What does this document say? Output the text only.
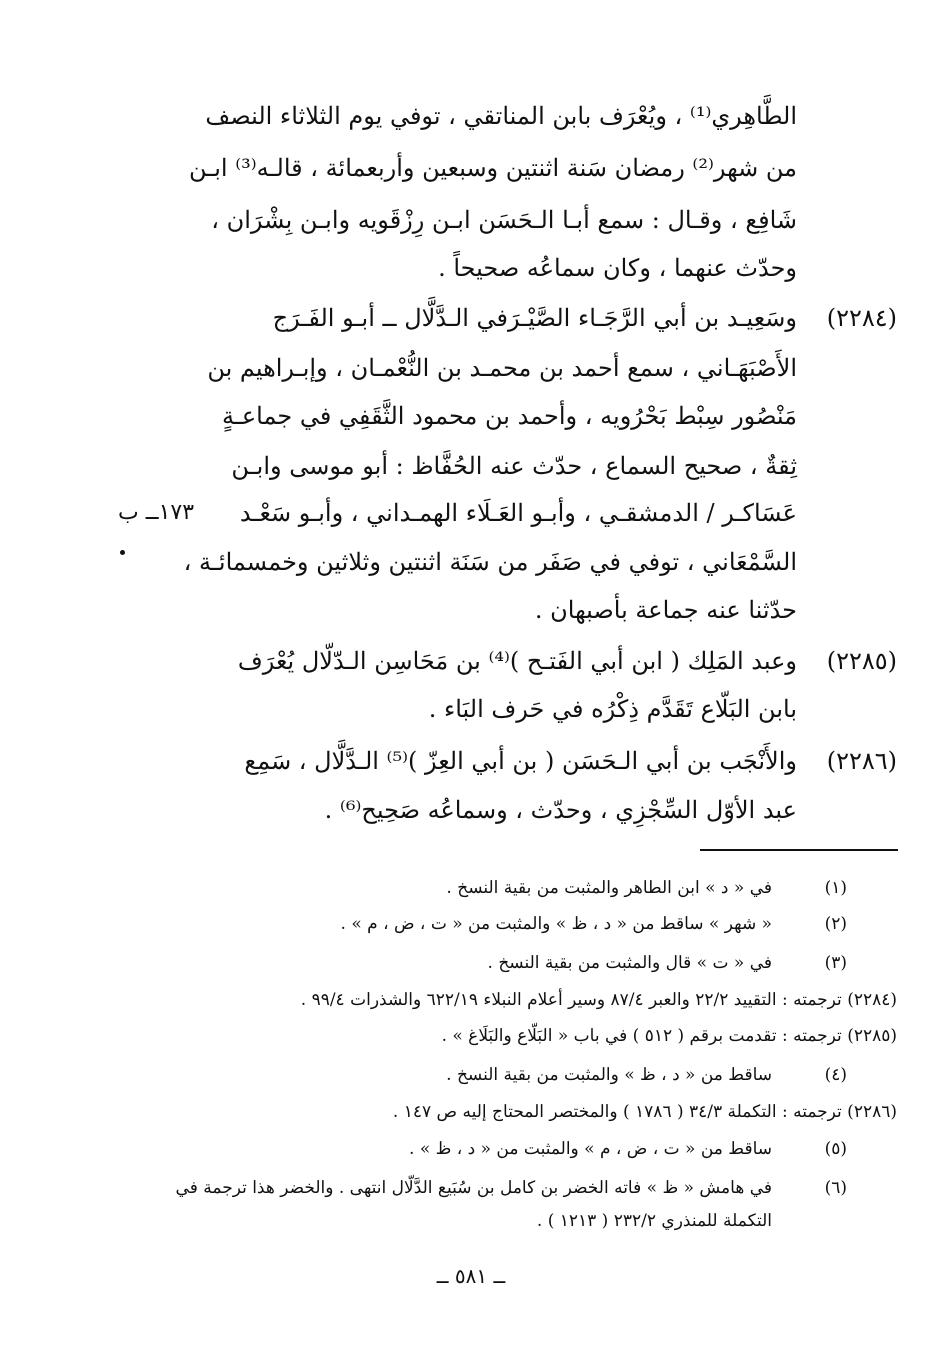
الطَّاهِري⁽¹⁾ ، ويُعْرَف بابن المناتقي ، توفي يوم الثلاثاء النصف
من شهر⁽²⁾ رمضان سَنة اثنتين وسبعين وأربعمائة ، قالـه⁽³⁾ ابـن
شَافِع ، وقـال : سمع أبـا الـحَسَن ابـن رِزْقَويه وابـن بِشْرَان ،
وحدّث عنهما ، وكان سماعُه صحيحاً .
(٢٢٨٤)
وسَعِيـد بن أبي الرَّجَـاء الصَّيْـرَفي الـدَّلَّال ــ أبـو الفَـرَج
الأَصْبَهَـاني ، سمع أحمد بن محمـد بن النُّعْمـان ، وإبـراهيم بن
مَنْصُور سِبْط بَحْرُويه ، وأحمد بن محمود الثَّقَفِي في جماعـةٍ
ثِقةٌ ، صحيح السماع ، حدّث عنه الحُفَّاظ : أبو موسى وابـن
عَسَاكـر / الدمشقـي ، وأبـو العَـلَاء الهمـداني ، وأبـو سَعْـد
١٧٣ــ ب
السَّمْعَاني ، توفي في صَفَر من سَنَة اثنتين وثلاثين وخمسمائـة ،
حدّثنا عنه جماعة بأصبهان .
(٢٢٨٥)
وعبد المَلِك ( ابن أبي الفَتـح )⁽⁴⁾ بن مَحَاسِن الـدّلّال يُعْرَف
بابن البَلّاع تَقَدَّم ذِكْرُه في حَرف البَاء .
(٢٢٨٦)
والأَنْجَب بن أبي الـحَسَن ( بن أبي العِزّ )⁽⁵⁾ الـدَّلَّال ، سَمِع
عبد الأوّل السِّجْزِي ، وحدّث ، وسماعُه صَحِيح⁽⁶⁾ .
(١)
في « د » ابن الطاهر والمثبت من بقية النسخ .
(٢)
« شهر » ساقط من « د ، ظ » والمثبت من « ت ، ض ، م » .
(٣)
في « ت » قال والمثبت من بقية النسخ .
(٢٢٨٤) ترجمته : التقييد ٢٢/٢ والعبر ٨٧/٤ وسير أعلام النبلاء ٦٢٢/١٩ والشذرات ٩٩/٤ .
(٢٢٨٥) ترجمته : تقدمت برقم ( ٥١٢ ) في باب « البَلّاع والبَلَاغ » .
(٤)
ساقط من « د ، ظ » والمثبت من بقية النسخ .
(٢٢٨٦) ترجمته : التكملة ٣٤/٣ ( ١٧٨٦ ) والمختصر المحتاج إليه ص ١٤٧ .
(٥)
ساقط من « ت ، ض ، م » والمثبت من « د ، ظ » .
(٦)
في هامش « ظ » فاته الخضر بن كامل بن سُبَيع الدَّلّال انتهى . والخضر هذا ترجمة في
التكملة للمنذري ٢٣٢/٢ ( ١٢١٣ ) .
ــ ٥٨١ ــ
